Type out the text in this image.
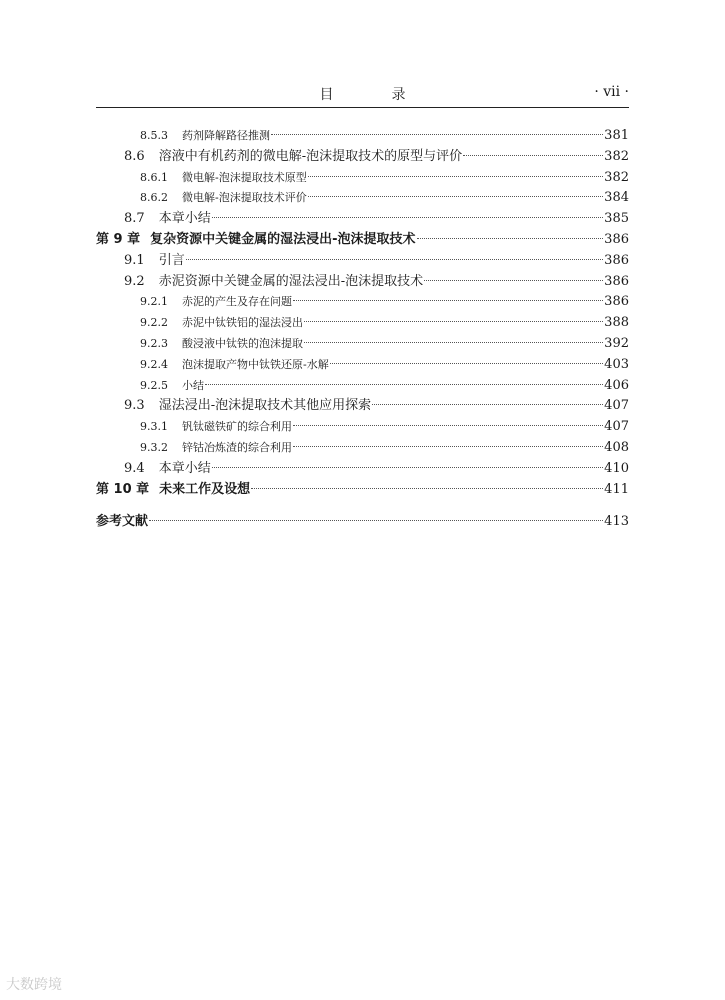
目　录	· vii ·
8.5.3	药剂降解路径推测	381
8.6	溶液中有机药剂的微电解-泡沫提取技术的原型与评价	382
8.6.1	微电解-泡沫提取技术原型	382
8.6.2	微电解-泡沫提取技术评价	384
8.7	本章小结	385
第 9 章 复杂资源中关键金属的湿法浸出-泡沫提取技术	386
9.1	引言	386
9.2	赤泥资源中关键金属的湿法浸出-泡沫提取技术	386
9.2.1	赤泥的产生及存在问题	386
9.2.2	赤泥中钛铁铝的湿法浸出	388
9.2.3	酸浸液中钛铁的泡沫提取	392
9.2.4	泡沫提取产物中钛铁还原-水解	403
9.2.5	小结	406
9.3	湿法浸出-泡沫提取技术其他应用探索	407
9.3.1	钒钛磁铁矿的综合利用	407
9.3.2	锌钴冶炼渣的综合利用	408
9.4	本章小结	410
第 10 章 未来工作及设想	411
参考文献	413
大数跨境
